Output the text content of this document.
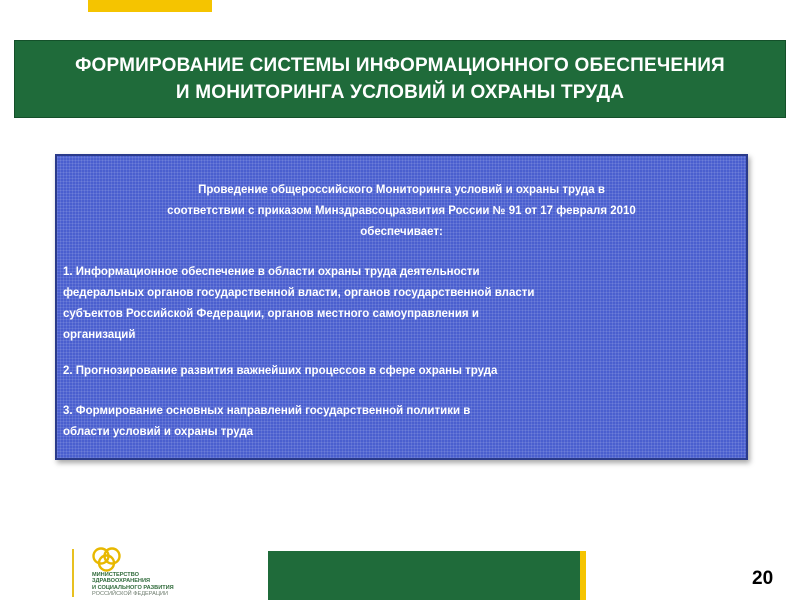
ФОРМИРОВАНИЕ СИСТЕМЫ ИНФОРМАЦИОННОГО ОБЕСПЕЧЕНИЯ
И МОНИТОРИНГА УСЛОВИЙ И ОХРАНЫ ТРУДА
Проведение общероссийского Мониторинга условий и охраны труда в
соответствии с приказом Минздравсоцразвития России № 91 от 17 февраля 2010
обеспечивает:
1. Информационное обеспечение в области охраны труда деятельности
федеральных органов государственной власти, органов государственной власти
субъектов Российской Федерации, органов местного самоуправления и
организаций
2. Прогнозирование развития важнейших процессов в сфере охраны труда
3. Формирование основных направлений государственной политики в
области условий и охраны труда
МИНИСТЕРСТВО
ЗДРАВООХРАНЕНИЯ
И СОЦИАЛЬНОГО РАЗВИТИЯ
РОССИЙСКОЙ ФЕДЕРАЦИИ
20
